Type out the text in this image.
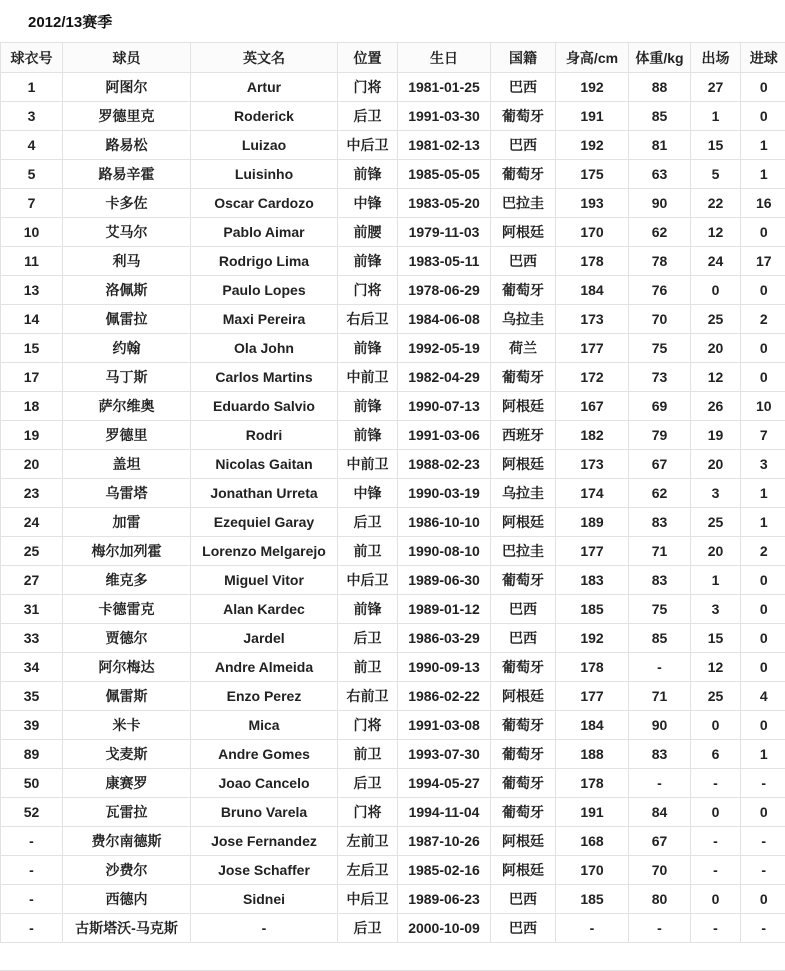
2012/13赛季
球衣号	球员	英文名	位置	生日	国籍	身高/cm	体重/kg	出场	进球
1	阿图尔	Artur	门将	1981-01-25	巴西	192	88	27	0
3	罗德里克	Roderick	后卫	1991-03-30	葡萄牙	191	85	1	0
4	路易松	Luizao	中后卫	1981-02-13	巴西	192	81	15	1
5	路易辛霍	Luisinho	前锋	1985-05-05	葡萄牙	175	63	5	1
7	卡多佐	Oscar Cardozo	中锋	1983-05-20	巴拉圭	193	90	22	16
10	艾马尔	Pablo Aimar	前腰	1979-11-03	阿根廷	170	62	12	0
11	利马	Rodrigo Lima	前锋	1983-05-11	巴西	178	78	24	17
13	洛佩斯	Paulo Lopes	门将	1978-06-29	葡萄牙	184	76	0	0
14	佩雷拉	Maxi Pereira	右后卫	1984-06-08	乌拉圭	173	70	25	2
15	约翰	Ola John	前锋	1992-05-19	荷兰	177	75	20	0
17	马丁斯	Carlos Martins	中前卫	1982-04-29	葡萄牙	172	73	12	0
18	萨尔维奥	Eduardo Salvio	前锋	1990-07-13	阿根廷	167	69	26	10
19	罗德里	Rodri	前锋	1991-03-06	西班牙	182	79	19	7
20	盖坦	Nicolas Gaitan	中前卫	1988-02-23	阿根廷	173	67	20	3
23	乌雷塔	Jonathan Urreta	中锋	1990-03-19	乌拉圭	174	62	3	1
24	加雷	Ezequiel Garay	后卫	1986-10-10	阿根廷	189	83	25	1
25	梅尔加列霍	Lorenzo Melgarejo	前卫	1990-08-10	巴拉圭	177	71	20	2
27	维克多	Miguel Vitor	中后卫	1989-06-30	葡萄牙	183	83	1	0
31	卡德雷克	Alan Kardec	前锋	1989-01-12	巴西	185	75	3	0
33	贾德尔	Jardel	后卫	1986-03-29	巴西	192	85	15	0
34	阿尔梅达	Andre Almeida	前卫	1990-09-13	葡萄牙	178	-	12	0
35	佩雷斯	Enzo Perez	右前卫	1986-02-22	阿根廷	177	71	25	4
39	米卡	Mica	门将	1991-03-08	葡萄牙	184	90	0	0
89	戈麦斯	Andre Gomes	前卫	1993-07-30	葡萄牙	188	83	6	1
50	康赛罗	Joao Cancelo	后卫	1994-05-27	葡萄牙	178	-	-	-
52	瓦雷拉	Bruno Varela	门将	1994-11-04	葡萄牙	191	84	0	0
-	费尔南德斯	Jose Fernandez	左前卫	1987-10-26	阿根廷	168	67	-	-
-	沙费尔	Jose Schaffer	左后卫	1985-02-16	阿根廷	170	70	-	-
-	西德内	Sidnei	中后卫	1989-06-23	巴西	185	80	0	0
-	古斯塔沃-马克斯	-	后卫	2000-10-09	巴西	-	-	-	-
